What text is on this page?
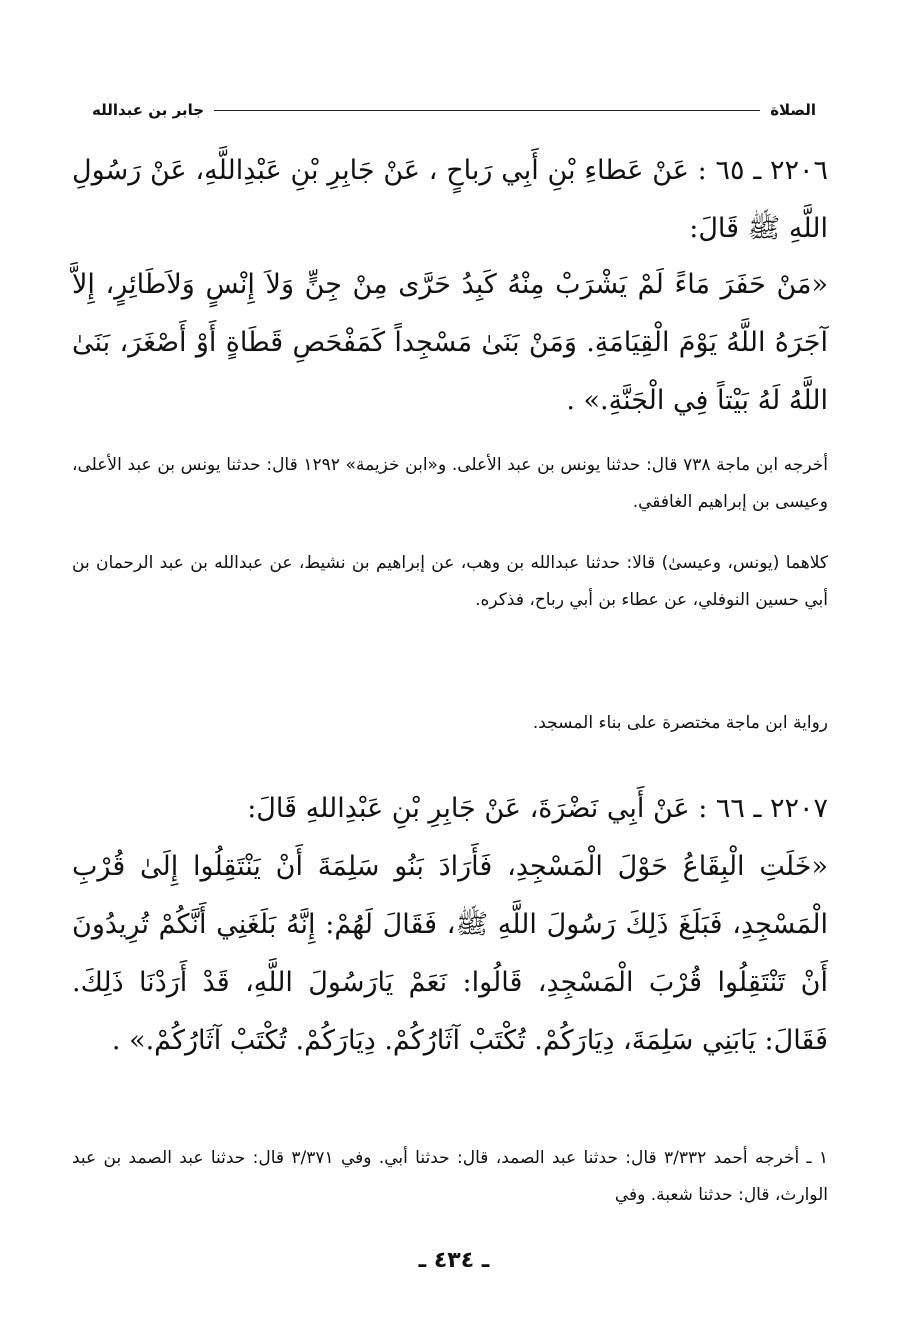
الصلاة
جابر بن عبدالله

٢٢٠٦ ـ ٦٥ : عَنْ عَطاءِ بْنِ أَبِي رَباحٍ ، عَنْ جَابِرِ بْنِ عَبْدِاللَّهِ، عَنْ رَسُولِ اللَّهِ ﷺ قَالَ:

«مَنْ حَفَرَ مَاءً لَمْ يَشْرَبْ مِنْهُ كَبِدُ حَرَّى مِنْ جِنٍّ وَلاَ إِنْسٍ وَلاَطَائِرٍ، إِلاَّ آجَرَهُ اللَّهُ يَوْمَ الْقِيَامَةِ. وَمَنْ بَنَىٰ مَسْجِداً كَمَفْحَصِ قَطَاةٍ أَوْ أَصْغَرَ، بَنَىٰ اللَّهُ لَهُ بَيْتاً فِي الْجَنَّةِ.» .

أخرجه ابن ماجة ٧٣٨ قال: حدثنا يونس بن عبد الأعلى. و«ابن خزيمة» ١٢٩٢ قال: حدثنا يونس بن عبد الأعلى، وعيسى بن إبراهيم الغافقي.

كلاهما (يونس، وعيسىٰ) قالا: حدثنا عبدالله بن وهب، عن إبراهيم بن نشيط، عن عبدالله بن عبد الرحمان بن أبي حسين النوفلي، عن عطاء بن أبي رباح، فذكره.

رواية ابن ماجة مختصرة على بناء المسجد.

٢٢٠٧ ـ ٦٦ : عَنْ أَبِي نَضْرَةَ، عَنْ جَابِرِ بْنِ عَبْدِاللهِ قَالَ:

«خَلَتِ الْبِقَاعُ حَوْلَ الْمَسْجِدِ، فَأَرَادَ بَنُو سَلِمَةَ أَنْ يَنْتَقِلُوا إِلَىٰ قُرْبِ الْمَسْجِدِ، فَبَلَغَ ذَلِكَ رَسُولَ اللَّهِ ﷺ، فَقَالَ لَهُمْ: إِنَّهُ بَلَغَنِي أَنَّكُمْ تُرِيدُونَ أَنْ تَنْتَقِلُوا قُرْبَ الْمَسْجِدِ، قَالُوا: نَعَمْ يَارَسُولَ اللَّهِ، قَدْ أَرَدْنَا ذَلِكَ. فَقَالَ: يَابَنِي سَلِمَةَ، دِيَارَكُمْ. تُكْتَبْ آثَارُكُمْ. دِيَارَكُمْ. تُكْتَبْ آثَارُكُمْ.» .

١ ـ أخرجه أحمد ٣/٣٣٢ قال: حدثنا عبد الصمد، قال: حدثنا أبي. وفي ٣/٣٧١ قال: حدثنا عبد الصمد بن عبد الوارث، قال: حدثنا شعبة. وفي

ـ ٤٣٤ ـ
